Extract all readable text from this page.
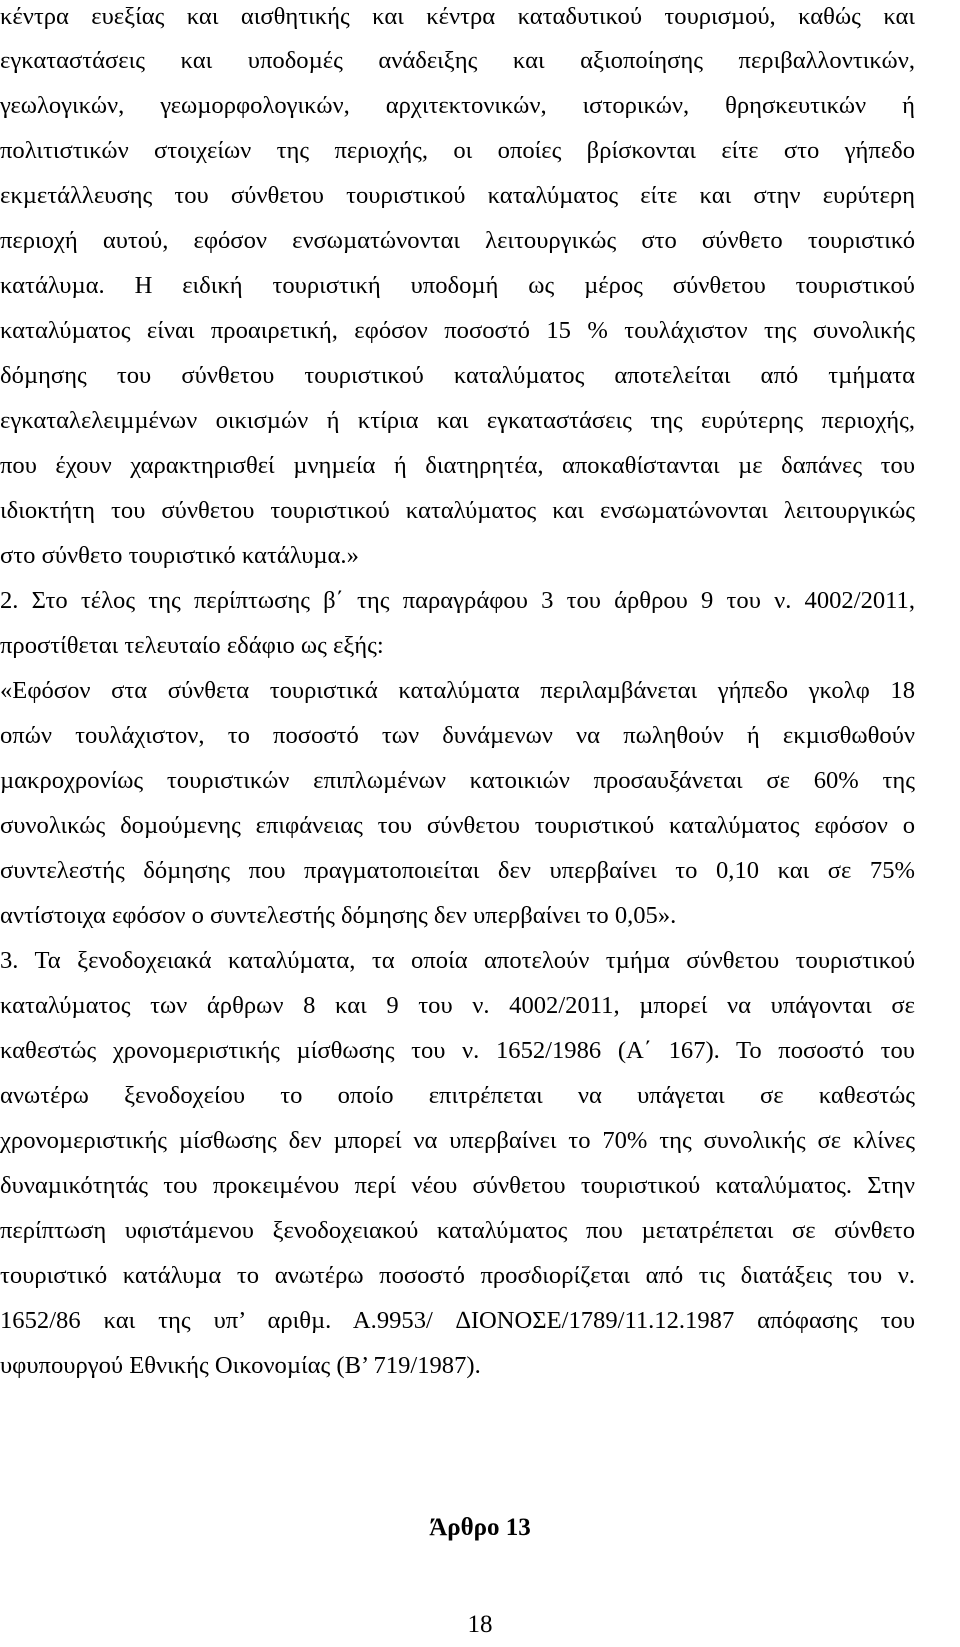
κέντρα ευεξίας και αισθητικής και κέντρα καταδυτικού τουρισµού, καθώς και
εγκαταστάσεις και υποδοµές ανάδειξης και αξιοποίησης περιβαλλοντικών,
γεωλογικών, γεωµορφολογικών, αρχιτεκτονικών, ιστορικών, θρησκευτικών ή
πολιτιστικών στοιχείων της περιοχής, οι οποίες βρίσκονται είτε στο γήπεδο
εκµετάλλευσης του σύνθετου τουριστικού καταλύµατος είτε και στην ευρύτερη
περιοχή αυτού, εφόσον ενσωµατώνονται λειτουργικώς στο σύνθετο τουριστικό
κατάλυµα. Η ειδική τουριστική υποδοµή ως µέρος σύνθετου τουριστικού
καταλύµατος είναι προαιρετική, εφόσον ποσοστό 15 % τουλάχιστον της συνολικής
δόµησης του σύνθετου τουριστικού καταλύµατος αποτελείται από τµήµατα
εγκαταλελειµµένων οικισµών ή κτίρια και εγκαταστάσεις της ευρύτερης περιοχής,
που έχουν χαρακτηρισθεί µνηµεία ή διατηρητέα, αποκαθίστανται µε δαπάνες του
ιδιοκτήτη του σύνθετου τουριστικού καταλύµατος και ενσωµατώνονται λειτουργικώς
στο σύνθετο τουριστικό κατάλυµα.»
2. Στο τέλος της περίπτωσης β΄ της παραγράφου 3 του άρθρου 9 του ν. 4002/2011,
προστίθεται τελευταίο εδάφιο ως εξής:
«Εφόσον στα σύνθετα τουριστικά καταλύµατα περιλαµβάνεται γήπεδο γκολφ 18
οπών τουλάχιστον, το ποσοστό των δυνάµενων να πωληθούν ή εκµισθωθούν
µακροχρονίως τουριστικών επιπλωµένων κατοικιών προσαυξάνεται σε 60% της
συνολικώς δοµούµενης επιφάνειας του σύνθετου τουριστικού καταλύµατος εφόσον ο
συντελεστής δόµησης που πραγµατοποιείται δεν υπερβαίνει το 0,10 και σε 75%
αντίστοιχα εφόσον ο συντελεστής δόµησης δεν υπερβαίνει το 0,05».
3. Τα ξενοδοχειακά καταλύµατα, τα οποία αποτελούν τµήµα σύνθετου τουριστικού
καταλύµατος των άρθρων 8 και 9 του ν. 4002/2011, µπορεί να υπάγονται σε
καθεστώς χρονοµεριστικής µίσθωσης του ν. 1652/1986 (Α΄ 167). Το ποσοστό του
ανωτέρω ξενοδοχείου το οποίο επιτρέπεται να υπάγεται σε καθεστώς
χρονοµεριστικής µίσθωσης δεν µπορεί να υπερβαίνει το 70% της συνολικής σε κλίνες
δυναµικότητάς του προκειµένου περί νέου σύνθετου τουριστικού καταλύµατος. Στην
περίπτωση υφιστάµενου ξενοδοχειακού καταλύµατος που µετατρέπεται σε σύνθετο
τουριστικό κατάλυµα το ανωτέρω ποσοστό προσδιορίζεται από τις διατάξεις του ν.
1652/86 και της υπ’ αριθµ. Α.9953/ ∆ΙΟΝΟΣΕ/1789/11.12.1987 απόφασης του
υφυπουργού Εθνικής Οικονοµίας (Β’ 719/1987).
Άρθρο 13
18
